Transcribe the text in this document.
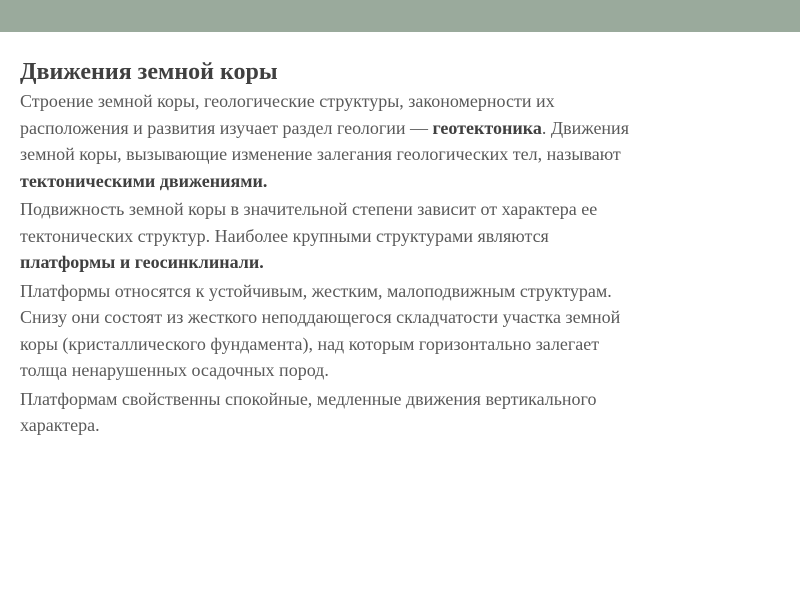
Движения земной коры
Строение земной коры, геологические структуры, закономерности их
расположения и развития изучает раздел геологии — геотектоника. Движения
земной коры, вызывающие изменение залегания геологических тел, называют
тектоническими движениями.
Подвижность земной коры в значительной степени зависит от характера ее
тектонических структур. Наиболее крупными структурами являются
платформы и геосинклинали.
Платформы относятся к устойчивым, жестким, малоподвижным структурам.
Снизу они состоят из жесткого неподдающегося складчатости участка земной
коры (кристаллического фундамента), над которым горизонтально залегает
толща ненарушенных осадочных пород.
Платформам свойственны спокойные, медленные движения вертикального
характера.
